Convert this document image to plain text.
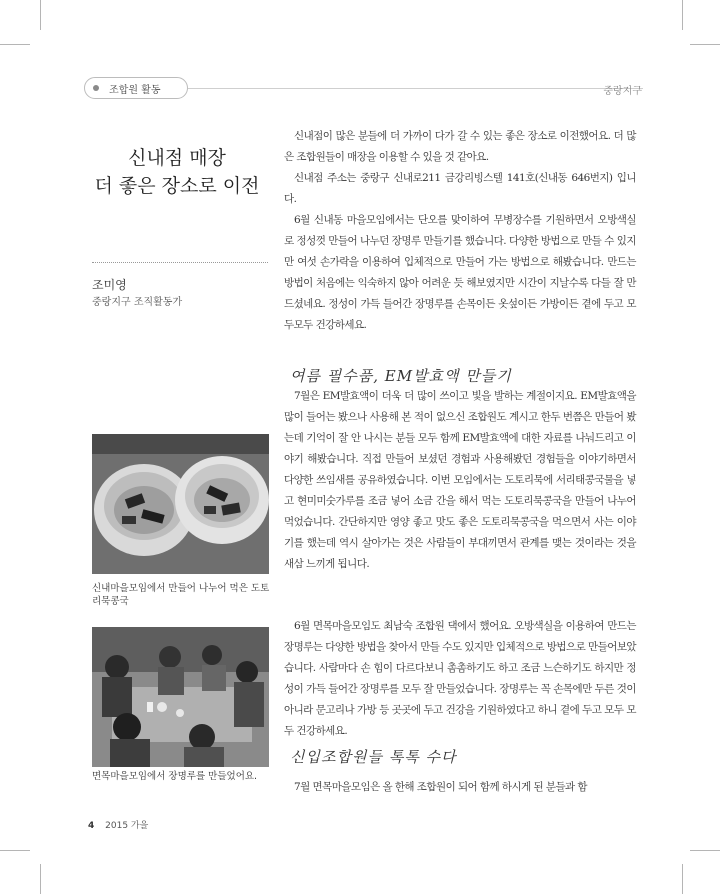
조합원 활동	중랑지구
신내점 매장
더 좋은 장소로 이전
조미영
중랑지구 조직활동가
신내마을모임에서 만들어 나누어 먹은 도토리묵콩국
면목마을모임에서 장명루를 만들었어요.

신내점이 많은 분들에 더 가까이 다가 갈 수 있는 좋은 장소로 이전했어요. 더 많은 조합원들이 매장을 이용할 수 있을 것 같아요.

신내점 주소는 중랑구 신내로211 금강리빙스텔 141호(신내동 646번지) 입니다.

6월 신내동 마을모임에서는 단오를 맞이하여 무병장수를 기원하면서 오방색실로 정성껏 만들어 나누던 장명루 만들기를 했습니다. 다양한 방법으로 만들 수 있지만 여섯 손가락을 이용하여 입체적으로 만들어 가는 방법으로 해봤습니다. 만드는 방법이 처음에는 익숙하지 않아 어려운 듯 해보였지만 시간이 지날수록 다들 잘 만드셨네요. 정성이 가득 들어간 장명루를 손목이든 옷섶이든 가방이든 곁에 두고 모두모두 건강하세요.

여름 필수품, EM발효액 만들기

7월은 EM발효액이 더욱 더 많이 쓰이고 빛을 발하는 계절이지요. EM발효액을 많이 들어는 봤으나 사용해 본 적이 없으신 조합원도 계시고 한두 번쯤은 만들어 봤는데 기억이 잘 안 나시는 분들 모두 함께 EM발효액에 대한 자료를 나눠드리고 이야기 해봤습니다. 직접 만들어 보셨던 경험과 사용해봤던 경험들을 이야기하면서 다양한 쓰임새를 공유하였습니다. 이번 모임에서는 도토리묵에 서리태콩국물을 넣고 현미미숫가루를 조금 넣어 소금 간을 해서 먹는 도토리묵콩국을 만들어 나누어 먹었습니다. 간단하지만 영양 좋고 맛도 좋은 도토리묵콩국을 먹으면서 사는 이야기를 했는데 역시 살아가는 것은 사람들이 부대끼면서 관계를 맺는 것이라는 것을 새삼 느끼게 됩니다.

6월 면목마을모임도 최남숙 조합원 댁에서 했어요. 오방색실을 이용하여 만드는 장명루는 다양한 방법을 찾아서 만들 수도 있지만 입체적으로 방법으로 만들어보았습니다. 사람마다 손 힘이 다르다보니 촘촘하기도 하고 조금 느슨하기도 하지만 정성이 가득 들어간 장명루를 모두 잘 만들었습니다. 장명루는 꼭 손목에만 두른 것이 아니라 문고리나 가방 등 곳곳에 두고 건강을 기원하였다고 하니 곁에 두고 모두 모두 건강하세요.

신입조합원들 톡톡 수다

7월 면목마을모임은 올 한해 조합원이 되어 함께 하시게 된 분들과 함

4 2015 가을
